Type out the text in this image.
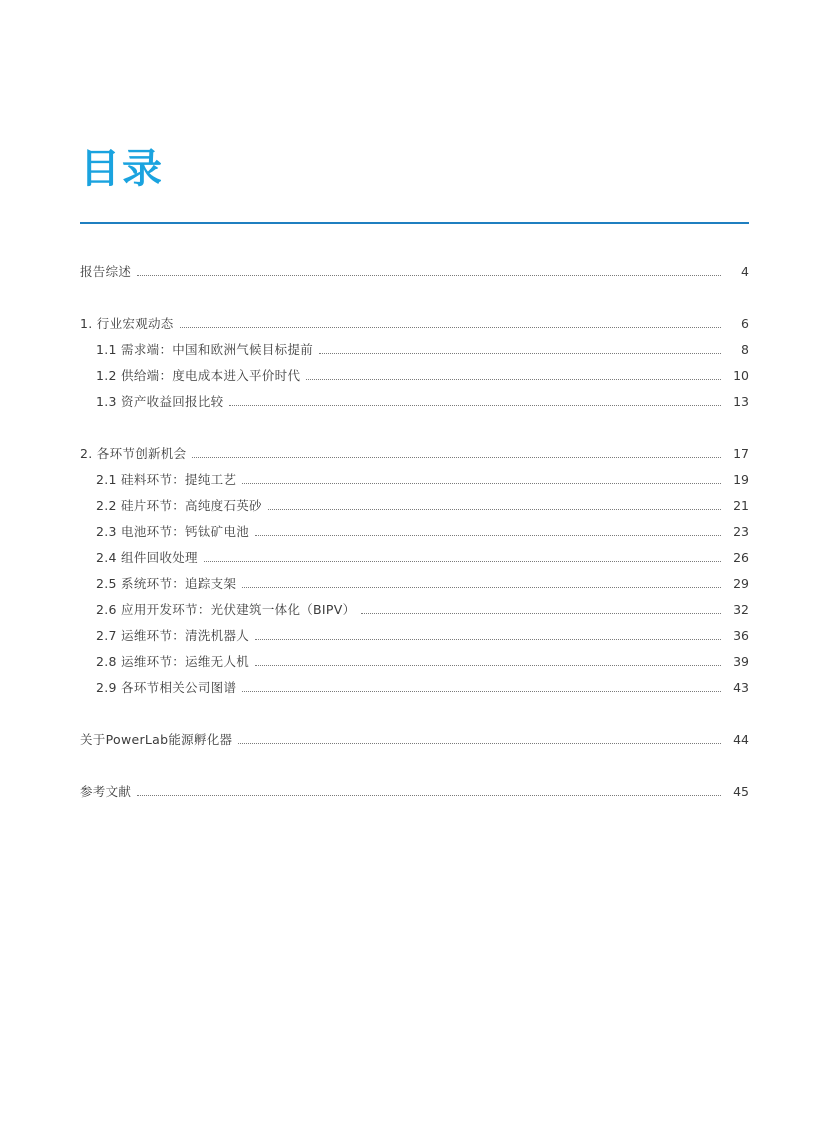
目录
报告综述	4
1. 行业宏观动态	6
1.1 需求端：中国和欧洲气候目标提前	8
1.2 供给端：度电成本进入平价时代	10
1.3 资产收益回报比较	13
2. 各环节创新机会	17
2.1 硅料环节：提纯工艺	19
2.2 硅片环节：高纯度石英砂	21
2.3 电池环节：钙钛矿电池	23
2.4 组件回收处理	26
2.5 系统环节：追踪支架	29
2.6 应用开发环节：光伏建筑一体化（BIPV）	32
2.7 运维环节：清洗机器人	36
2.8 运维环节：运维无人机	39
2.9 各环节相关公司图谱	43
关于PowerLab能源孵化器	44
参考文献	45
